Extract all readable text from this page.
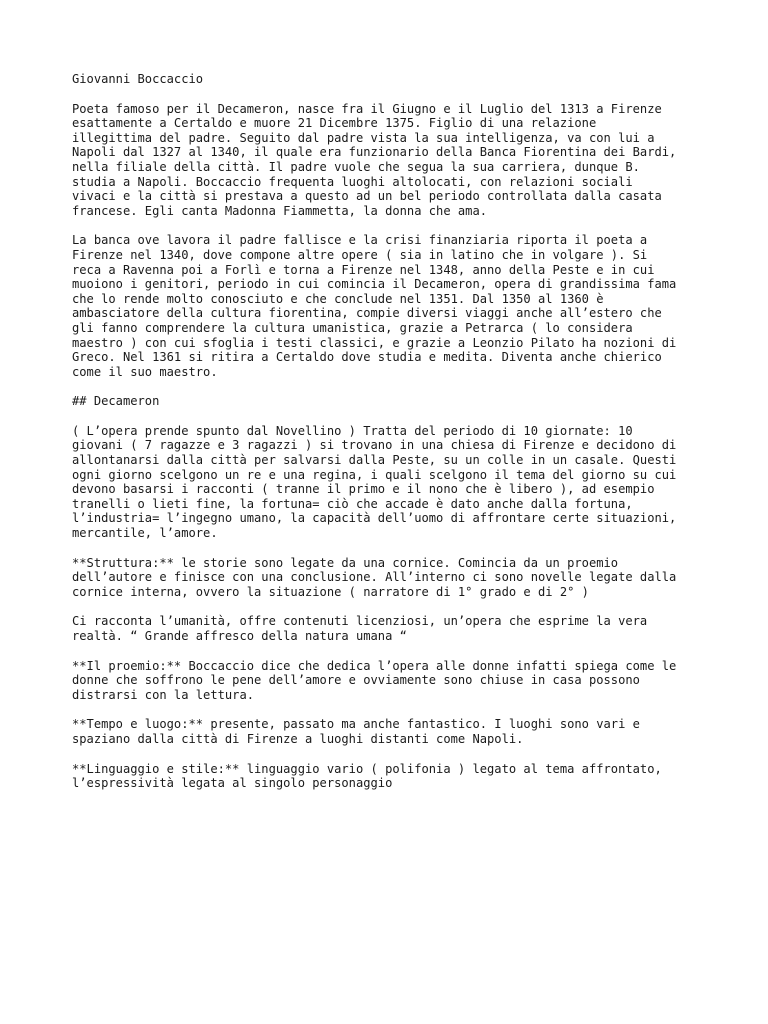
Giovanni Boccaccio

Poeta famoso per il Decameron, nasce fra il Giugno e il Luglio del 1313 a Firenze
esattamente a Certaldo e muore 21 Dicembre 1375. Figlio di una relazione
illegittima del padre. Seguito dal padre vista la sua intelligenza, va con lui a
Napoli dal 1327 al 1340, il quale era funzionario della Banca Fiorentina dei Bardi,
nella filiale della città. Il padre vuole che segua la sua carriera, dunque B.
studia a Napoli. Boccaccio frequenta luoghi altolocati, con relazioni sociali
vivaci e la città si prestava a questo ad un bel periodo controllata dalla casata
francese. Egli canta Madonna Fiammetta, la donna che ama.

La banca ove lavora il padre fallisce e la crisi finanziaria riporta il poeta a
Firenze nel 1340, dove compone altre opere ( sia in latino che in volgare ). Si
reca a Ravenna poi a Forlì e torna a Firenze nel 1348, anno della Peste e in cui
muoiono i genitori, periodo in cui comincia il Decameron, opera di grandissima fama
che lo rende molto conosciuto e che conclude nel 1351. Dal 1350 al 1360 è
ambasciatore della cultura fiorentina, compie diversi viaggi anche all’estero che
gli fanno comprendere la cultura umanistica, grazie a Petrarca ( lo considera
maestro ) con cui sfoglia i testi classici, e grazie a Leonzio Pilato ha nozioni di
Greco. Nel 1361 si ritira a Certaldo dove studia e medita. Diventa anche chierico
come il suo maestro.

## Decameron

( L’opera prende spunto dal Novellino ) Tratta del periodo di 10 giornate: 10
giovani ( 7 ragazze e 3 ragazzi ) si trovano in una chiesa di Firenze e decidono di
allontanarsi dalla città per salvarsi dalla Peste, su un colle in un casale. Questi
ogni giorno scelgono un re e una regina, i quali scelgono il tema del giorno su cui
devono basarsi i racconti ( tranne il primo e il nono che è libero ), ad esempio
tranelli o lieti fine, la fortuna= ciò che accade è dato anche dalla fortuna,
l’industria= l’ingegno umano, la capacità dell’uomo di affrontare certe situazioni,
mercantile, l’amore.

**Struttura:** le storie sono legate da una cornice. Comincia da un proemio
dell’autore e finisce con una conclusione. All’interno ci sono novelle legate dalla
cornice interna, ovvero la situazione ( narratore di 1° grado e di 2° )

Ci racconta l’umanità, offre contenuti licenziosi, un’opera che esprime la vera
realtà. “ Grande affresco della natura umana “

**Il proemio:** Boccaccio dice che dedica l’opera alle donne infatti spiega come le
donne che soffrono le pene dell’amore e ovviamente sono chiuse in casa possono
distrarsi con la lettura.

**Tempo e luogo:** presente, passato ma anche fantastico. I luoghi sono vari e
spaziano dalla città di Firenze a luoghi distanti come Napoli.

**Linguaggio e stile:** linguaggio vario ( polifonia ) legato al tema affrontato,
l’espressività legata al singolo personaggio
